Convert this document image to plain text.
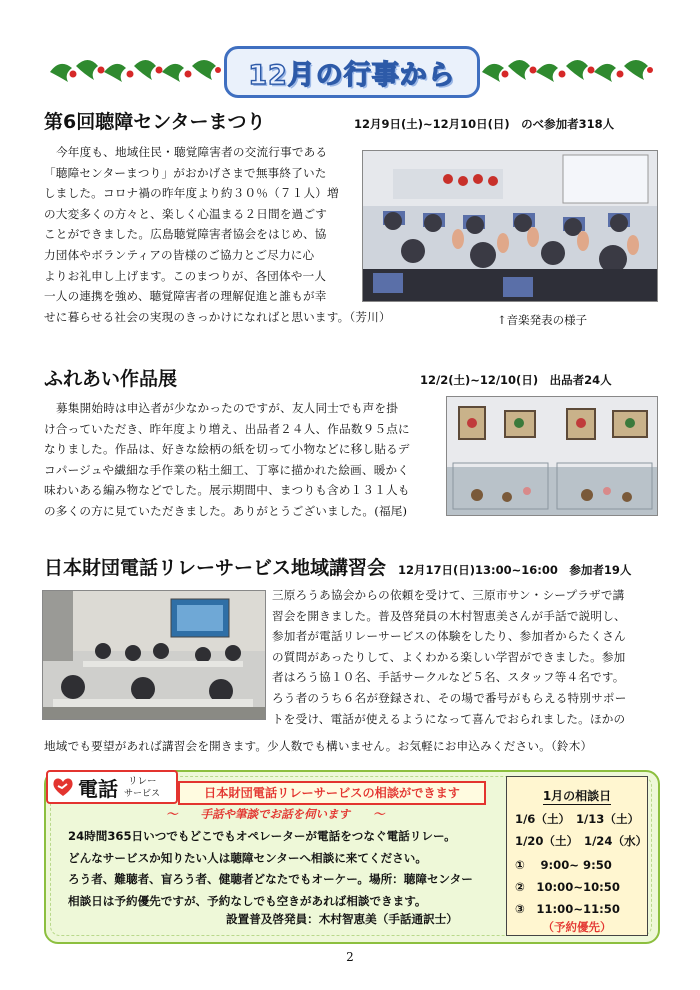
12月の行事から
第6回聴障センターまつり	12月9日(土)~12月10日(日)　のべ参加者318人
今年度も、地域住民・聴覚障害者の交流行事である
「聴障センターまつり」がおかげさまで無事終了いた
しました。コロナ禍の昨年度より約３０％（７１人）増
の大変多くの方々と、楽しく心温まる２日間を過ごす
ことができました。広島聴覚障害者協会をはじめ、協
力団体やボランティアの皆様のご協力とご尽力に心
よりお礼申し上げます。このまつりが、各団体や一人
一人の連携を強め、聴覚障害者の理解促進と誰もが幸
せに暮らせる社会の実現のきっかけになればと思います。（芳川）	↑音楽発表の様子
ふれあい作品展	12/2(土)~12/10(日)　出品者24人
募集開始時は申込者が少なかったのですが、友人同士でも声を掛
け合っていただき、昨年度より増え、出品者２４人、作品数９５点に
なりました。作品は、好きな絵柄の紙を切って小物などに移し貼るデ
コパージュや繊細な手作業の粘土細工、丁寧に描かれた絵画、暖かく
味わいある編み物などでした。展示期間中、まつりも含め１３１人も
の多くの方に見ていただきました。ありがとうございました。(福尾)
日本財団電話リレーサービス地域講習会 12月17日(日)13:00~16:00　参加者19人
三原ろうあ協会からの依頼を受けて、三原市サン・シープラザで講
習会を開きました。普及啓発員の木村智恵美さんが手話で説明し、
参加者が電話リレーサービスの体験をしたり、参加者からたくさん
の質問があったりして、よくわかる楽しい学習ができました。参加
者はろう協１０名、手話サークルなど５名、スタッフ等４名です。
ろう者のうち６名が登録され、その場で番号がもらえる特別サポー
トを受け、電話が使えるようになって喜んでおられました。ほかの
地域でも要望があれば講習会を開きます。少人数でも構いません。お気軽にお申込みください。（鈴木）
電話 リレー
サービス	日本財団電話リレーサービスの相談ができます
～　　手話や筆談でお話を伺います　　～
24時間365日いつでもどこでもオペレーターが電話をつなぐ電話リレー。
どんなサービスか知りたい人は聴障センターへ相談に来てください。
ろう者、難聴者、盲ろう者、健聴者どなたでもオーケー。場所：聴障センター
相談日は予約優先ですが、予約なしでも空きがあれば相談できます。
設置普及啓発員：木村智恵美（手話通訳士）
1月の相談日
1/6（土）　1/13（土）
1/20（土）　1/24（水）
①　 9:00~ 9:50
②　10:00~10:50
③　11:00~11:50
（予約優先）
2
